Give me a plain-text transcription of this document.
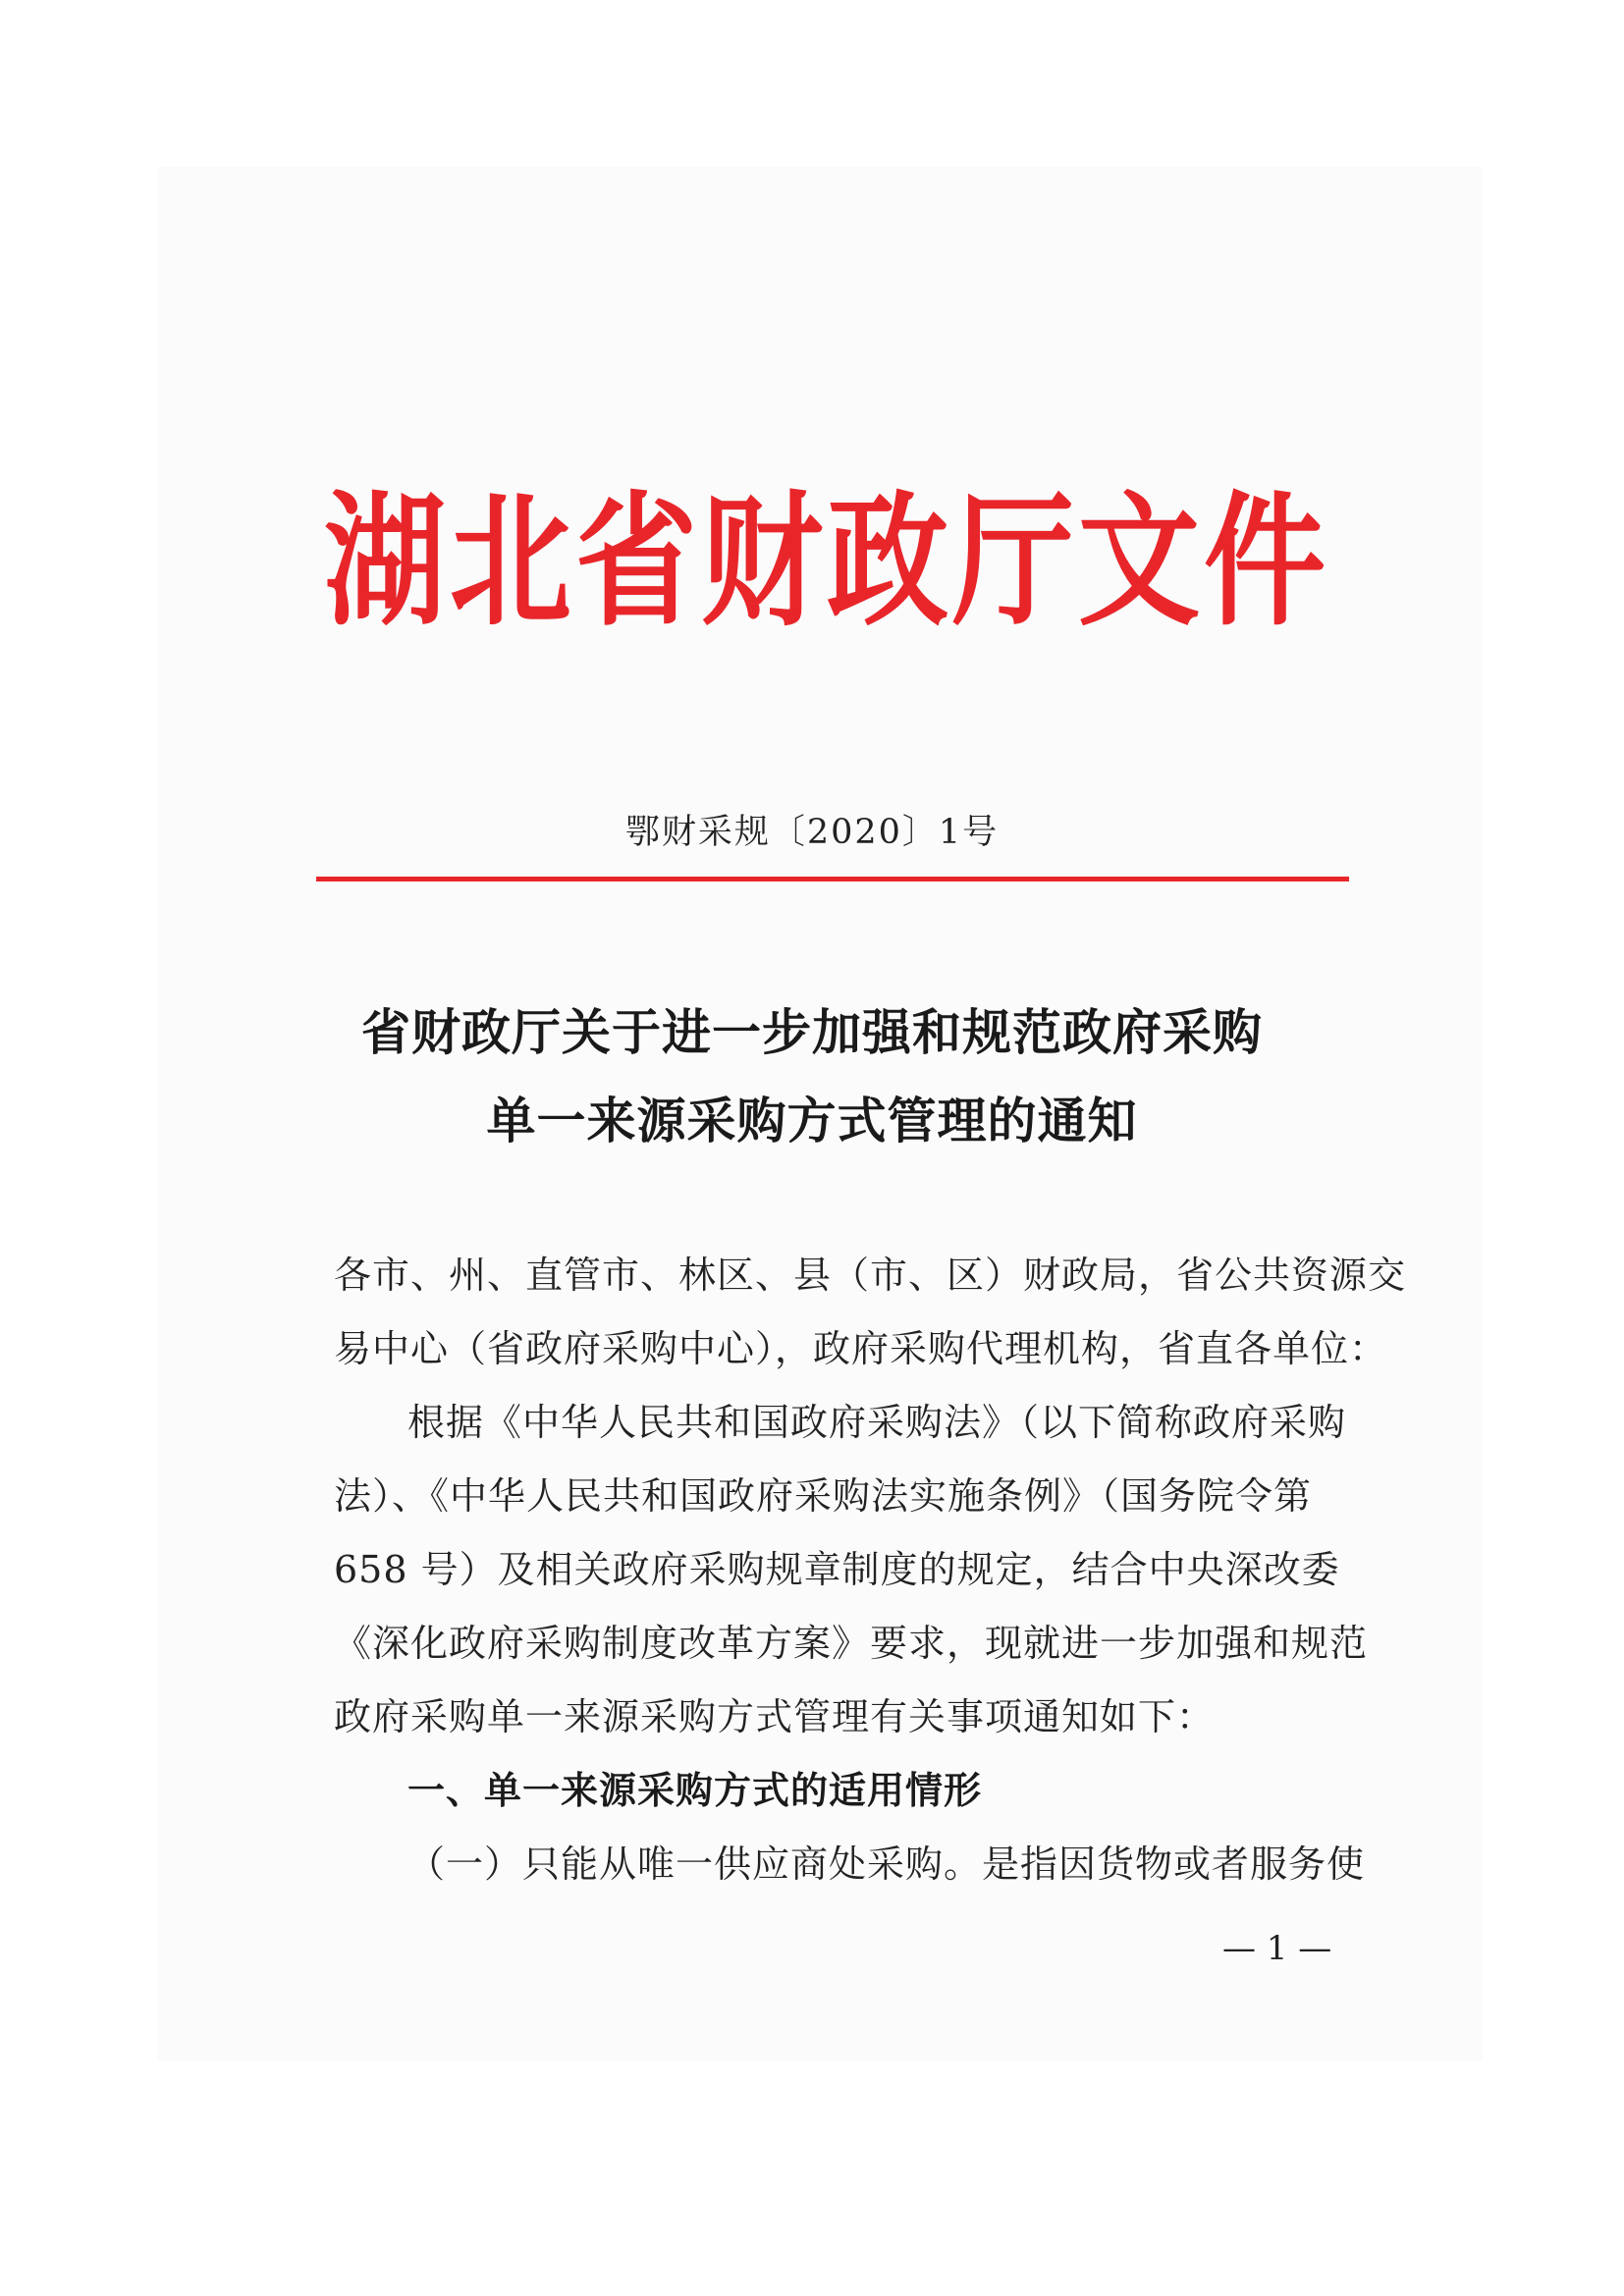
湖北省财政厅文件
鄂财采规〔2020〕1号
省财政厅关于进一步加强和规范政府采购
单一来源采购方式管理的通知
各市、州、直管市、林区、县（市、区）财政局，省公共资源交
易中心（省政府采购中心），政府采购代理机构，省直各单位：
根据《中华人民共和国政府采购法》（以下简称政府采购
法）、《中华人民共和国政府采购法实施条例》（国务院令第
658 号）及相关政府采购规章制度的规定，结合中央深改委
《深化政府采购制度改革方案》要求，现就进一步加强和规范
政府采购单一来源采购方式管理有关事项通知如下：
一、单一来源采购方式的适用情形
（一）只能从唯一供应商处采购。是指因货物或者服务使
— 1 —
